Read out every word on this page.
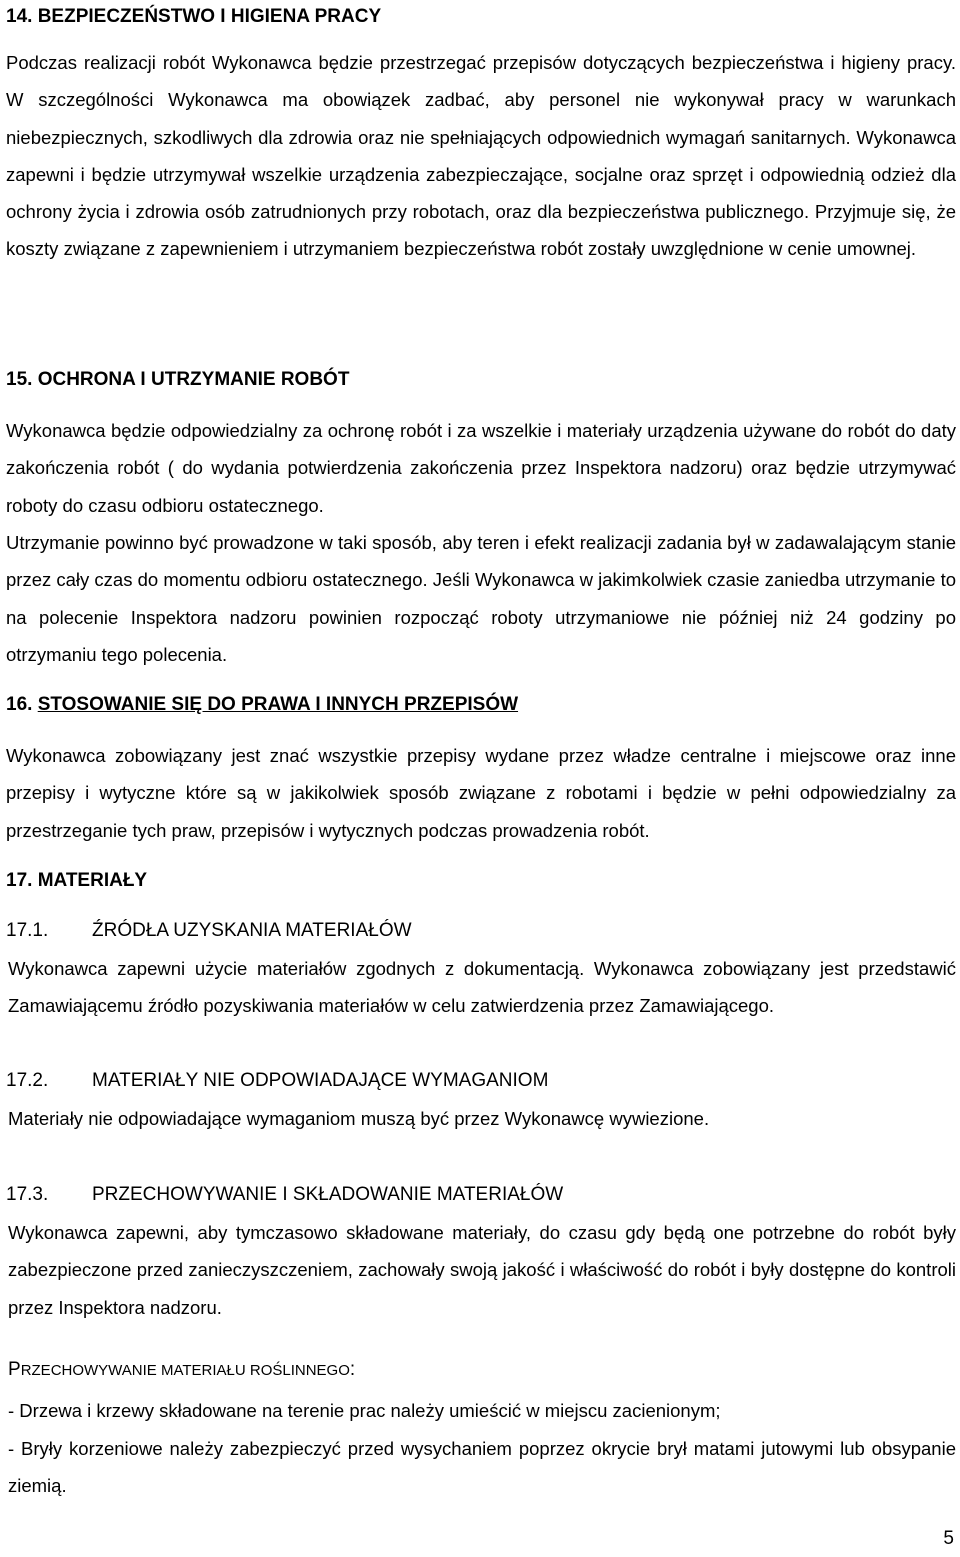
14. BEZPIECZEŃSTWO I HIGIENA PRACY

Podczas realizacji robót Wykonawca będzie przestrzegać przepisów dotyczących bezpieczeństwa i higieny pracy. W szczególności Wykonawca ma obowiązek zadbać, aby personel nie wykonywał pracy w warunkach niebezpiecznych, szkodliwych dla zdrowia oraz nie spełniających odpowiednich wymagań sanitarnych. Wykonawca zapewni i będzie utrzymywał wszelkie urządzenia zabezpieczające, socjalne oraz sprzęt i odpowiednią odzież dla ochrony życia i zdrowia osób zatrudnionych przy robotach, oraz dla bezpieczeństwa publicznego. Przyjmuje się, że koszty związane z zapewnieniem i utrzymaniem bezpieczeństwa robót zostały uwzględnione w cenie umownej.

15. OCHRONA I UTRZYMANIE ROBÓT

Wykonawca będzie odpowiedzialny za ochronę robót i za wszelkie i materiały urządzenia używane do robót do daty zakończenia robót ( do wydania potwierdzenia zakończenia przez Inspektora nadzoru) oraz będzie utrzymywać roboty do czasu odbioru ostatecznego.

Utrzymanie powinno być prowadzone w taki sposób, aby teren i efekt realizacji zadania był w zadawalającym stanie przez cały czas do momentu odbioru ostatecznego. Jeśli Wykonawca w jakimkolwiek czasie zaniedba utrzymanie to na polecenie Inspektora nadzoru powinien rozpocząć roboty utrzymaniowe nie później niż 24 godziny po otrzymaniu tego polecenia.

16. STOSOWANIE SIĘ DO PRAWA I INNYCH PRZEPISÓW

Wykonawca zobowiązany jest znać wszystkie przepisy wydane przez władze centralne i miejscowe oraz inne przepisy i wytyczne które są w jakikolwiek sposób związane z robotami i będzie w pełni odpowiedzialny za przestrzeganie tych praw, przepisów i wytycznych podczas prowadzenia robót.

17. MATERIAŁY
17.1. ŹRÓDŁA UZYSKANIA MATERIAŁÓW

Wykonawca zapewni użycie materiałów zgodnych z dokumentacją. Wykonawca zobowiązany jest przedstawić Zamawiającemu źródło pozyskiwania materiałów w celu zatwierdzenia przez Zamawiającego.

17.2. MATERIAŁY NIE ODPOWIADAJĄCE WYMAGANIOM

Materiały nie odpowiadające wymaganiom muszą być przez Wykonawcę wywiezione.

17.3. PRZECHOWYWANIE I SKŁADOWANIE MATERIAŁÓW

Wykonawca zapewni, aby tymczasowo składowane materiały, do czasu gdy będą one potrzebne do robót były zabezpieczone przed zanieczyszczeniem, zachowały swoją jakość i właściwość do robót i były dostępne do kontroli przez Inspektora nadzoru.

PRZECHOWYWANIE MATERIAŁU ROŚLINNEGO:

- Drzewa i krzewy składowane na terenie prac należy umieścić w miejscu zacienionym;

- Bryły korzeniowe należy zabezpieczyć przed wysychaniem poprzez okrycie brył matami jutowymi lub obsypanie ziemią.

5
